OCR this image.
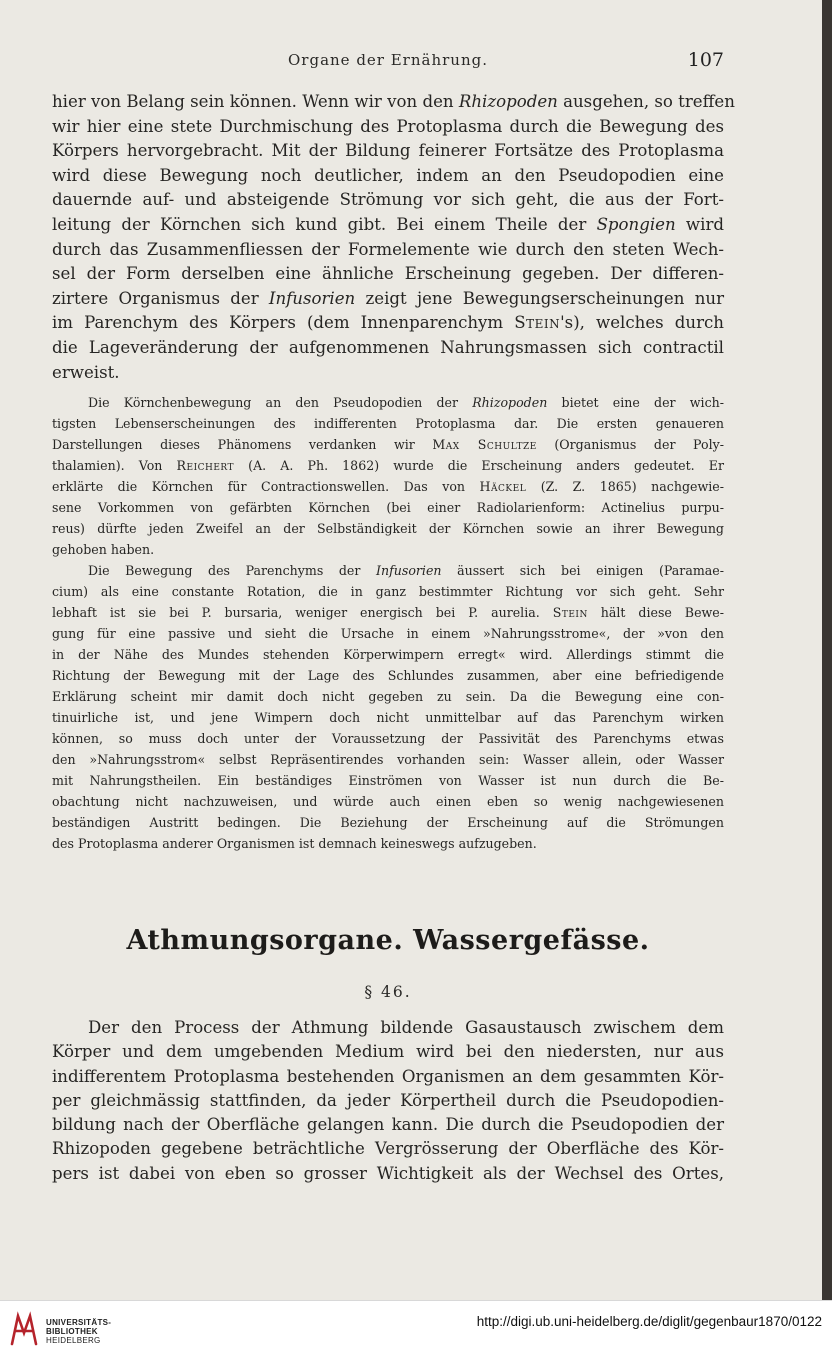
Organe der Ernährung.	107
hier von Belang sein können. Wenn wir von den Rhizopoden ausgehen, so treffen
wir hier eine stete Durchmischung des Protoplasma durch die Bewegung des
Körpers hervorgebracht. Mit der Bildung feinerer Fortsätze des Protoplasma
wird diese Bewegung noch deutlicher, indem an den Pseudopodien eine
dauernde auf- und absteigende Strömung vor sich geht, die aus der Fort-
leitung der Körnchen sich kund gibt. Bei einem Theile der Spongien wird
durch das Zusammenfliessen der Formelemente wie durch den steten Wech-
sel der Form derselben eine ähnliche Erscheinung gegeben. Der differen-
zirtere Organismus der Infusorien zeigt jene Bewegungserscheinungen nur
im Parenchym des Körpers (dem Innenparenchym Stein's), welches durch
die Lageveränderung der aufgenommenen Nahrungsmassen sich contractil
erweist.
Die Körnchenbewegung an den Pseudopodien der Rhizopoden bietet eine der wich-
tigsten Lebenserscheinungen des indifferenten Protoplasma dar. Die ersten genaueren
Darstellungen dieses Phänomens verdanken wir Max Schultze (Organismus der Poly-
thalamien). Von Reichert (A. A. Ph. 1862) wurde die Erscheinung anders gedeutet. Er
erklärte die Körnchen für Contractionswellen. Das von Häckel (Z. Z. 1865) nachgewie-
sene Vorkommen von gefärbten Körnchen (bei einer Radiolarienform: Actinelius purpu-
reus) dürfte jeden Zweifel an der Selbständigkeit der Körnchen sowie an ihrer Bewegung
gehoben haben.
Die Bewegung des Parenchyms der Infusorien äussert sich bei einigen (Paramae-
cium) als eine constante Rotation, die in ganz bestimmter Richtung vor sich geht. Sehr
lebhaft ist sie bei P. bursaria, weniger energisch bei P. aurelia. Stein hält diese Bewe-
gung für eine passive und sieht die Ursache in einem »Nahrungsstrome«, der »von den
in der Nähe des Mundes stehenden Körperwimpern erregt« wird. Allerdings stimmt die
Richtung der Bewegung mit der Lage des Schlundes zusammen, aber eine befriedigende
Erklärung scheint mir damit doch nicht gegeben zu sein. Da die Bewegung eine con-
tinuirliche ist, und jene Wimpern doch nicht unmittelbar auf das Parenchym wirken
können, so muss doch unter der Voraussetzung der Passivität des Parenchyms etwas
den »Nahrungsstrom« selbst Repräsentirendes vorhanden sein: Wasser allein, oder Wasser
mit Nahrungstheilen. Ein beständiges Einströmen von Wasser ist nun durch die Be-
obachtung nicht nachzuweisen, und würde auch einen eben so wenig nachgewiesenen
beständigen Austritt bedingen. Die Beziehung der Erscheinung auf die Strömungen
des Protoplasma anderer Organismen ist demnach keineswegs aufzugeben.
Athmungsorgane. Wassergefässe.
§ 46.
Der den Process der Athmung bildende Gasaustausch zwischem dem
Körper und dem umgebenden Medium wird bei den niedersten, nur aus
indifferentem Protoplasma bestehenden Organismen an dem gesammten Kör-
per gleichmässig stattfinden, da jeder Körpertheil durch die Pseudopodien-
bildung nach der Oberfläche gelangen kann. Die durch die Pseudopodien der
Rhizopoden gegebene beträchtliche Vergrösserung der Oberfläche des Kör-
pers ist dabei von eben so grosser Wichtigkeit als der Wechsel des Ortes,
UNIVERSITÄTS-
BIBLIOTHEK
HEIDELBERG
http://digi.ub.uni-heidelberg.de/diglit/gegenbaur1870/0122
